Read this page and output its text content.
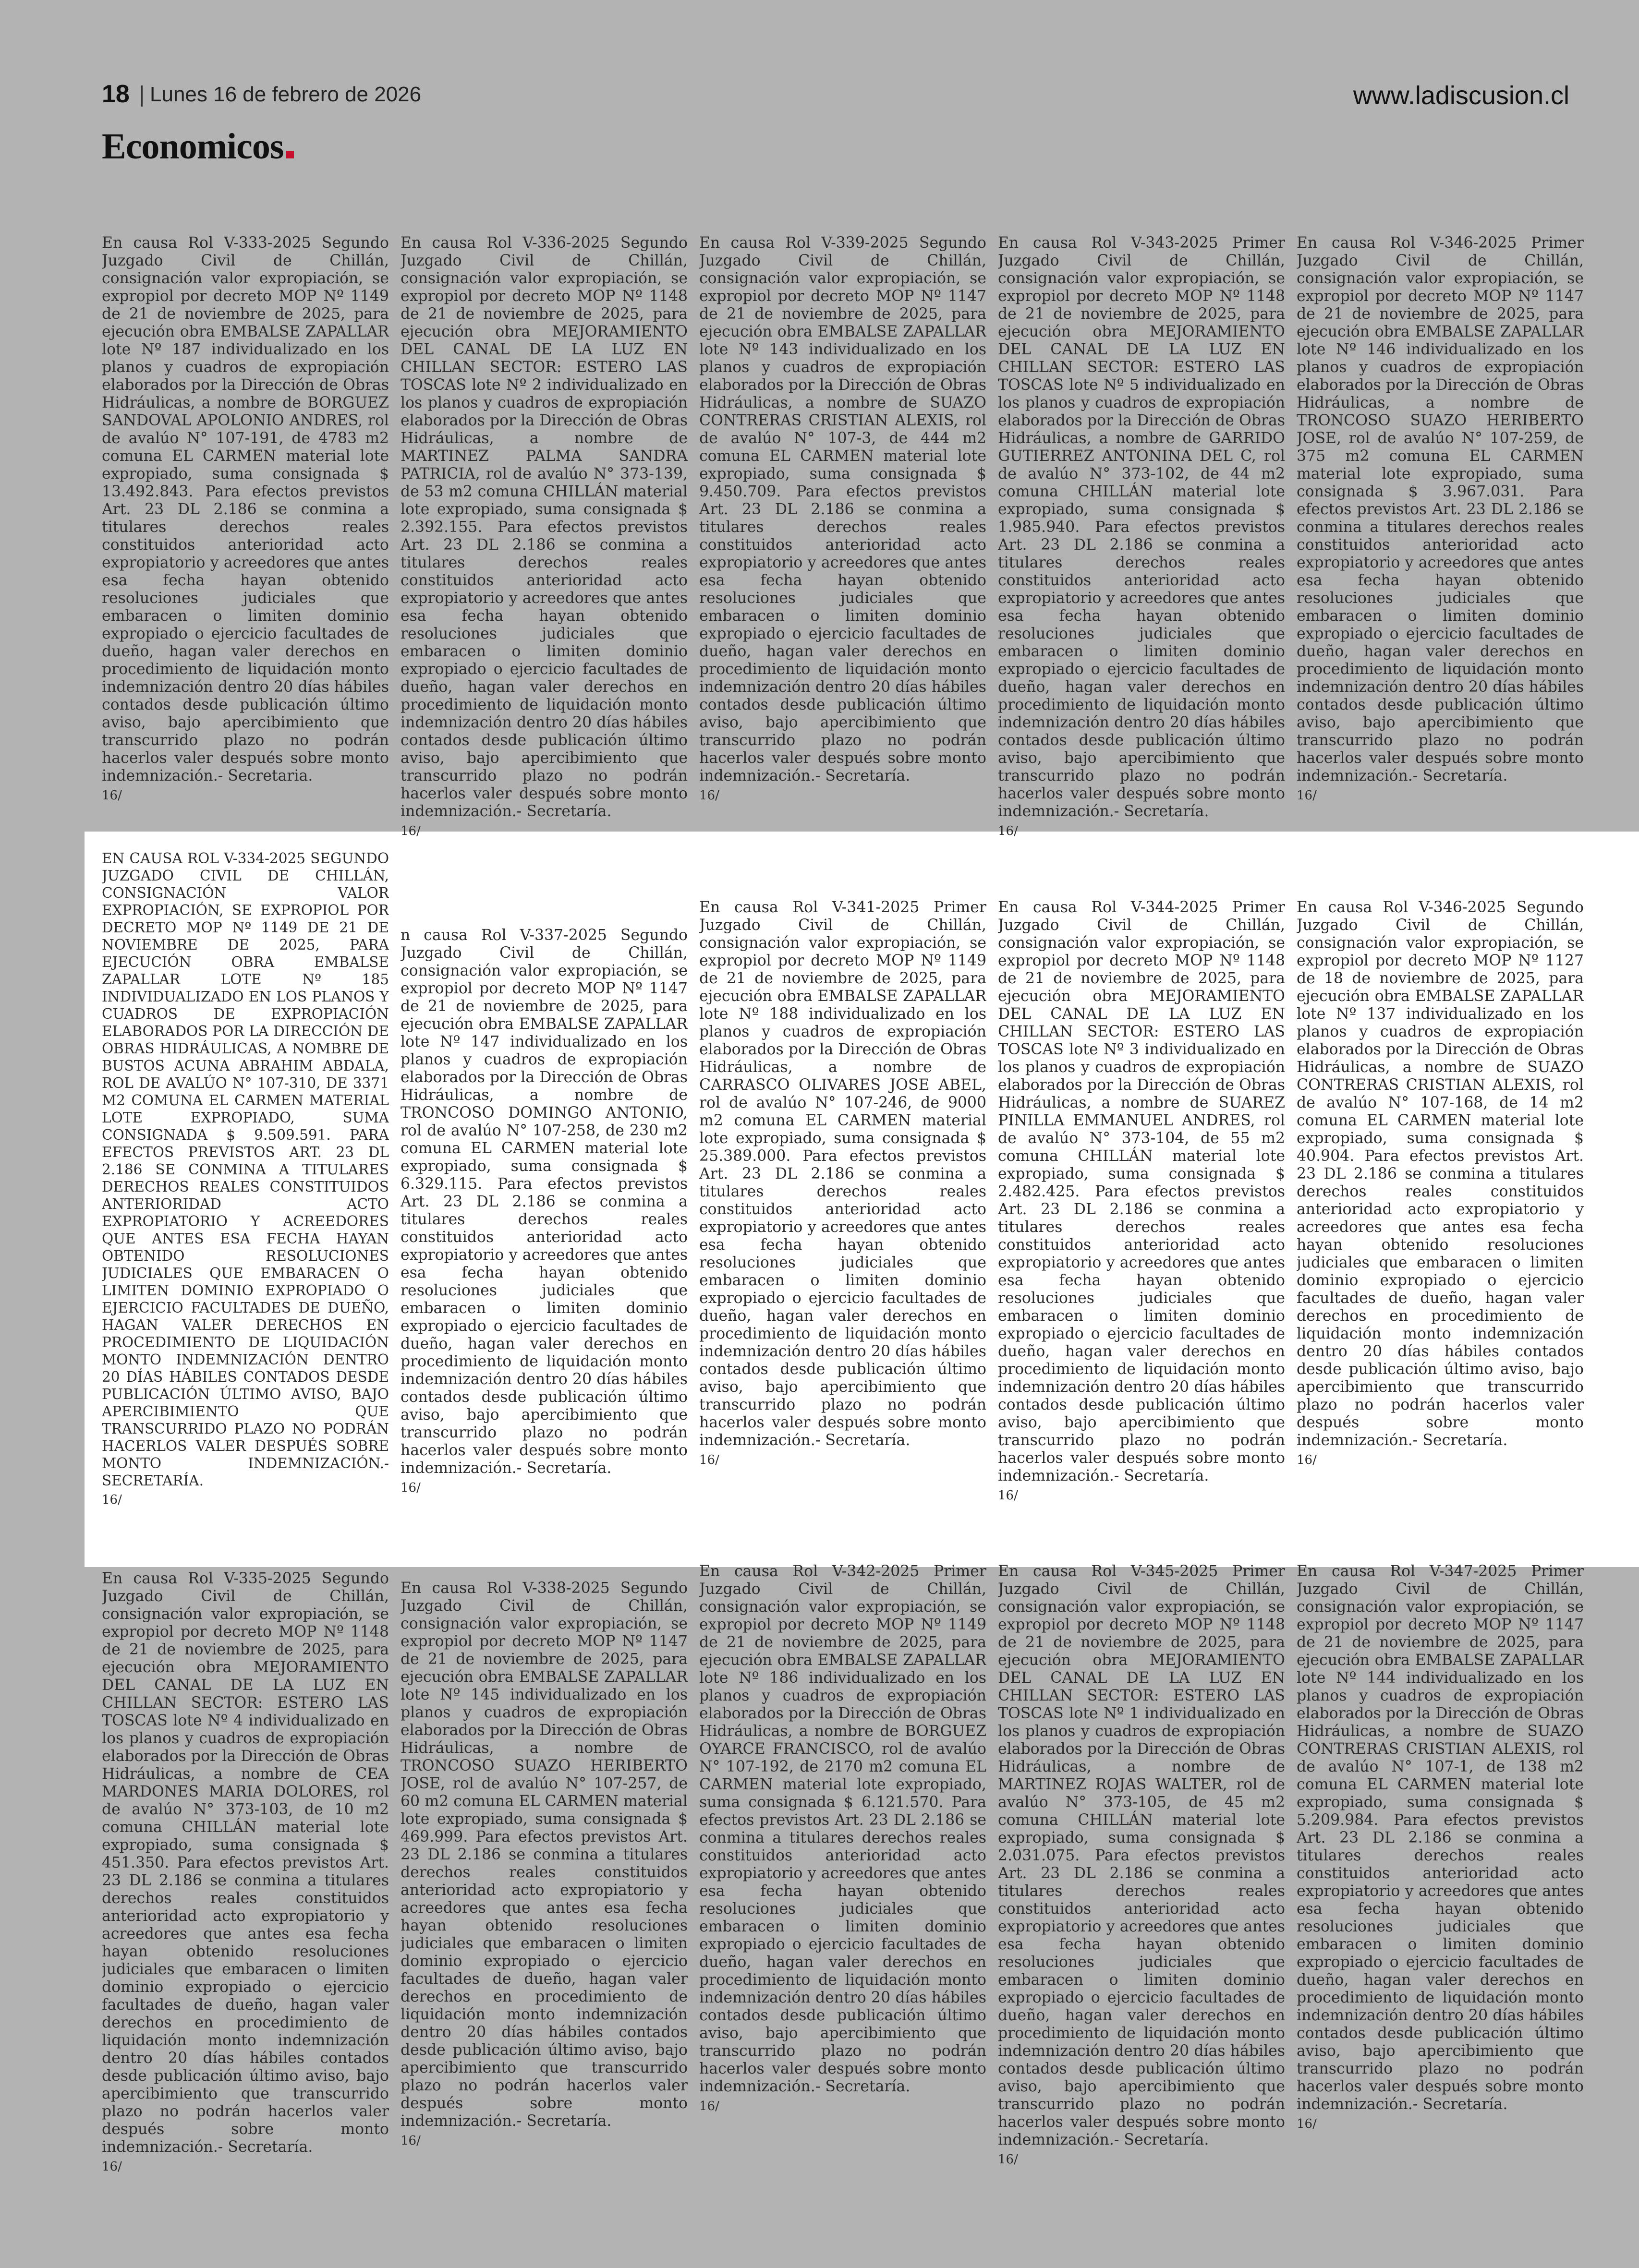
18 Lunes 16 de febrero de 2026	www.ladiscusion.cl
Economicos
En causa Rol V-333-2025 Segundo Juzgado Civil de Chillán, consignación valor expropiación, se expropiol por decreto MOP Nº 1149 de 21 de noviembre de 2025, para ejecución obra EMBALSE ZAPALLAR lote Nº 187 individualizado en los planos y cuadros de expropiación elaborados por la Dirección de Obras Hidráulicas, a nombre de BORGUEZ SANDOVAL APOLONIO ANDRES, rol de avalúo N° 107-191, de 4783 m2 comuna EL CARMEN material lote expropiado, suma consignada $ 13.492.843. Para efectos previstos Art. 23 DL 2.186 se conmina a titulares derechos reales constituidos anterioridad acto expropiatorio y acreedores que antes esa fecha hayan obtenido resoluciones judiciales que embaracen o limiten dominio expropiado o ejercicio facultades de dueño, hagan valer derechos en procedimiento de liquidación monto indemnización dentro 20 días hábiles contados desde publicación último aviso, bajo apercibimiento que transcurrido plazo no podrán hacerlos valer después sobre monto indemnización.- Secretaria.
16/
En causa Rol V-336-2025 Segundo Juzgado Civil de Chillán, consignación valor expropiación, se expropiol por decreto MOP Nº 1148 de 21 de noviembre de 2025, para ejecución obra MEJORAMIENTO DEL CANAL DE LA LUZ EN CHILLAN SECTOR: ESTERO LAS TOSCAS lote Nº 2 individualizado en los planos y cuadros de expropiación elaborados por la Dirección de Obras Hidráulicas, a nombre de MARTINEZ PALMA SANDRA PATRICIA, rol de avalúo N° 373-139, de 53 m2 comuna CHILLÁN material lote expropiado, suma consignada $ 2.392.155. Para efectos previstos Art. 23 DL 2.186 se conmina a titulares derechos reales constituidos anterioridad acto expropiatorio y acreedores que antes esa fecha hayan obtenido resoluciones judiciales que embaracen o limiten dominio expropiado o ejercicio facultades de dueño, hagan valer derechos en procedimiento de liquidación monto indemnización dentro 20 días hábiles contados desde publicación último aviso, bajo apercibimiento que transcurrido plazo no podrán hacerlos valer después sobre monto indemnización.- Secretaría.
16/
En causa Rol V-339-2025 Segundo Juzgado Civil de Chillán, consignación valor expropiación, se expropiol por decreto MOP Nº 1147 de 21 de noviembre de 2025, para ejecución obra EMBALSE ZAPALLAR lote Nº 143 individualizado en los planos y cuadros de expropiación elaborados por la Dirección de Obras Hidráulicas, a nombre de SUAZO CONTRERAS CRISTIAN ALEXIS, rol de avalúo N° 107-3, de 444 m2 comuna EL CARMEN material lote expropiado, suma consignada $ 9.450.709. Para efectos previstos Art. 23 DL 2.186 se conmina a titulares derechos reales constituidos anterioridad acto expropiatorio y acreedores que antes esa fecha hayan obtenido resoluciones judiciales que embaracen o limiten dominio expropiado o ejercicio facultades de dueño, hagan valer derechos en procedimiento de liquidación monto indemnización dentro 20 días hábiles contados desde publicación último aviso, bajo apercibimiento que transcurrido plazo no podrán hacerlos valer después sobre monto indemnización.- Secretaría.
16/
En causa Rol V-343-2025 Primer Juzgado Civil de Chillán, consignación valor expropiación, se expropiol por decreto MOP Nº 1148 de 21 de noviembre de 2025, para ejecución obra MEJORAMIENTO DEL CANAL DE LA LUZ EN CHILLAN SECTOR: ESTERO LAS TOSCAS lote Nº 5 individualizado en los planos y cuadros de expropiación elaborados por la Dirección de Obras Hidráulicas, a nombre de GARRIDO GUTIERREZ ANTONINA DEL C, rol de avalúo N° 373-102, de 44 m2 comuna CHILLÁN material lote expropiado, suma consignada $ 1.985.940. Para efectos previstos Art. 23 DL 2.186 se conmina a titulares derechos reales constituidos anterioridad acto expropiatorio y acreedores que antes esa fecha hayan obtenido resoluciones judiciales que embaracen o limiten dominio expropiado o ejercicio facultades de dueño, hagan valer derechos en procedimiento de liquidación monto indemnización dentro 20 días hábiles contados desde publicación último aviso, bajo apercibimiento que transcurrido plazo no podrán hacerlos valer después sobre monto indemnización.- Secretaría.
16/
En causa Rol V-346-2025 Primer Juzgado Civil de Chillán, consignación valor expropiación, se expropiol por decreto MOP Nº 1147 de 21 de noviembre de 2025, para ejecución obra EMBALSE ZAPALLAR lote Nº 146 individualizado en los planos y cuadros de expropiación elaborados por la Dirección de Obras Hidráulicas, a nombre de TRONCOSO SUAZO HERIBERTO JOSE, rol de avalúo N° 107-259, de 375 m2 comuna EL CARMEN material lote expropiado, suma consignada $ 3.967.031. Para efectos previstos Art. 23 DL 2.186 se conmina a titulares derechos reales constituidos anterioridad acto expropiatorio y acreedores que antes esa fecha hayan obtenido resoluciones judiciales que embaracen o limiten dominio expropiado o ejercicio facultades de dueño, hagan valer derechos en procedimiento de liquidación monto indemnización dentro 20 días hábiles contados desde publicación último aviso, bajo apercibimiento que transcurrido plazo no podrán hacerlos valer después sobre monto indemnización.- Secretaría.
16/
EN CAUSA ROL V-334-2025 SEGUNDO JUZGADO CIVIL DE CHILLÁN, CONSIGNACIÓN VALOR EXPROPIACIÓN, SE EXPROPIOL POR DECRETO MOP Nº 1149 DE 21 DE NOVIEMBRE DE 2025, PARA EJECUCIÓN OBRA EMBALSE ZAPALLAR LOTE Nº 185 INDIVIDUALIZADO EN LOS PLANOS Y CUADROS DE EXPROPIACIÓN ELABORADOS POR LA DIRECCIÓN DE OBRAS HIDRÁULICAS, A NOMBRE DE BUSTOS ACUNA ABRAHIM ABDALA, ROL DE AVALÚO N° 107-310, DE 3371 M2 COMUNA EL CARMEN MATERIAL LOTE EXPROPIADO, SUMA CONSIGNADA $ 9.509.591. PARA EFECTOS PREVISTOS ART. 23 DL 2.186 SE CONMINA A TITULARES DERECHOS REALES CONSTITUIDOS ANTERIORIDAD ACTO EXPROPIATORIO Y ACREEDORES QUE ANTES ESA FECHA HAYAN OBTENIDO RESOLUCIONES JUDICIALES QUE EMBARACEN O LIMITEN DOMINIO EXPROPIADO O EJERCICIO FACULTADES DE DUEÑO, HAGAN VALER DERECHOS EN PROCEDIMIENTO DE LIQUIDACIÓN MONTO INDEMNIZACIÓN DENTRO 20 DÍAS HÁBILES CONTADOS DESDE PUBLICACIÓN ÚLTIMO AVISO, BAJO APERCIBIMIENTO QUE TRANSCURRIDO PLAZO NO PODRÁN HACERLOS VALER DESPUÉS SOBRE MONTO INDEMNIZACIÓN.- SECRETARÍA.
16/
n causa Rol V-337-2025 Segundo Juzgado Civil de Chillán, consignación valor expropiación, se expropiol por decreto MOP Nº 1147 de 21 de noviembre de 2025, para ejecución obra EMBALSE ZAPALLAR lote Nº 147 individualizado en los planos y cuadros de expropiación elaborados por la Dirección de Obras Hidráulicas, a nombre de TRONCOSO DOMINGO ANTONIO, rol de avalúo N° 107-258, de 230 m2 comuna EL CARMEN material lote expropiado, suma consignada $ 6.329.115. Para efectos previstos Art. 23 DL 2.186 se conmina a titulares derechos reales constituidos anterioridad acto expropiatorio y acreedores que antes esa fecha hayan obtenido resoluciones judiciales que embaracen o limiten dominio expropiado o ejercicio facultades de dueño, hagan valer derechos en procedimiento de liquidación monto indemnización dentro 20 días hábiles contados desde publicación último aviso, bajo apercibimiento que transcurrido plazo no podrán hacerlos valer después sobre monto indemnización.- Secretaría.
16/
En causa Rol V-341-2025 Primer Juzgado Civil de Chillán, consignación valor expropiación, se expropiol por decreto MOP Nº 1149 de 21 de noviembre de 2025, para ejecución obra EMBALSE ZAPALLAR lote Nº 188 individualizado en los planos y cuadros de expropiación elaborados por la Dirección de Obras Hidráulicas, a nombre de CARRASCO OLIVARES JOSE ABEL, rol de avalúo N° 107-246, de 9000 m2 comuna EL CARMEN material lote expropiado, suma consignada $ 25.389.000. Para efectos previstos Art. 23 DL 2.186 se conmina a titulares derechos reales constituidos anterioridad acto expropiatorio y acreedores que antes esa fecha hayan obtenido resoluciones judiciales que embaracen o limiten dominio expropiado o ejercicio facultades de dueño, hagan valer derechos en procedimiento de liquidación monto indemnización dentro 20 días hábiles contados desde publicación último aviso, bajo apercibimiento que transcurrido plazo no podrán hacerlos valer después sobre monto indemnización.- Secretaría.
16/
En causa Rol V-344-2025 Primer Juzgado Civil de Chillán, consignación valor expropiación, se expropiol por decreto MOP Nº 1148 de 21 de noviembre de 2025, para ejecución obra MEJORAMIENTO DEL CANAL DE LA LUZ EN CHILLAN SECTOR: ESTERO LAS TOSCAS lote Nº 3 individualizado en los planos y cuadros de expropiación elaborados por la Dirección de Obras Hidráulicas, a nombre de SUAREZ PINILLA EMMANUEL ANDRES, rol de avalúo N° 373-104, de 55 m2 comuna CHILLÁN material lote expropiado, suma consignada $ 2.482.425. Para efectos previstos Art. 23 DL 2.186 se conmina a titulares derechos reales constituidos anterioridad acto expropiatorio y acreedores que antes esa fecha hayan obtenido resoluciones judiciales que embaracen o limiten dominio expropiado o ejercicio facultades de dueño, hagan valer derechos en procedimiento de liquidación monto indemnización dentro 20 días hábiles contados desde publicación último aviso, bajo apercibimiento que transcurrido plazo no podrán hacerlos valer después sobre monto indemnización.- Secretaría.
16/
En causa Rol V-346-2025 Segundo Juzgado Civil de Chillán, consignación valor expropiación, se expropiol por decreto MOP Nº 1127 de 18 de noviembre de 2025, para ejecución obra EMBALSE ZAPALLAR lote Nº 137 individualizado en los planos y cuadros de expropiación elaborados por la Dirección de Obras Hidráulicas, a nombre de SUAZO CONTRERAS CRISTIAN ALEXIS, rol de avalúo N° 107-168, de 14 m2 comuna EL CARMEN material lote expropiado, suma consignada $ 40.904. Para efectos previstos Art. 23 DL 2.186 se conmina a titulares derechos reales constituidos anterioridad acto expropiatorio y acreedores que antes esa fecha hayan obtenido resoluciones judiciales que embaracen o limiten dominio expropiado o ejercicio facultades de dueño, hagan valer derechos en procedimiento de liquidación monto indemnización dentro 20 días hábiles contados desde publicación último aviso, bajo apercibimiento que transcurrido plazo no podrán hacerlos valer después sobre monto indemnización.- Secretaría.
16/
En causa Rol V-335-2025 Segundo Juzgado Civil de Chillán, consignación valor expropiación, se expropiol por decreto MOP Nº 1148 de 21 de noviembre de 2025, para ejecución obra MEJORAMIENTO DEL CANAL DE LA LUZ EN CHILLAN SECTOR: ESTERO LAS TOSCAS lote Nº 4 individualizado en los planos y cuadros de expropiación elaborados por la Dirección de Obras Hidráulicas, a nombre de CEA MARDONES MARIA DOLORES, rol de avalúo N° 373-103, de 10 m2 comuna CHILLÁN material lote expropiado, suma consignada $ 451.350. Para efectos previstos Art. 23 DL 2.186 se conmina a titulares derechos reales constituidos anterioridad acto expropiatorio y acreedores que antes esa fecha hayan obtenido resoluciones judiciales que embaracen o limiten dominio expropiado o ejercicio facultades de dueño, hagan valer derechos en procedimiento de liquidación monto indemnización dentro 20 días hábiles contados desde publicación último aviso, bajo apercibimiento que transcurrido plazo no podrán hacerlos valer después sobre monto indemnización.- Secretaría.
16/
En causa Rol V-338-2025 Segundo Juzgado Civil de Chillán, consignación valor expropiación, se expropiol por decreto MOP Nº 1147 de 21 de noviembre de 2025, para ejecución obra EMBALSE ZAPALLAR lote Nº 145 individualizado en los planos y cuadros de expropiación elaborados por la Dirección de Obras Hidráulicas, a nombre de TRONCOSO SUAZO HERIBERTO JOSE, rol de avalúo N° 107-257, de 60 m2 comuna EL CARMEN material lote expropiado, suma consignada $ 469.999. Para efectos previstos Art. 23 DL 2.186 se conmina a titulares derechos reales constituidos anterioridad acto expropiatorio y acreedores que antes esa fecha hayan obtenido resoluciones judiciales que embaracen o limiten dominio expropiado o ejercicio facultades de dueño, hagan valer derechos en procedimiento de liquidación monto indemnización dentro 20 días hábiles contados desde publicación último aviso, bajo apercibimiento que transcurrido plazo no podrán hacerlos valer después sobre monto indemnización.- Secretaría.
16/
En causa Rol V-342-2025 Primer Juzgado Civil de Chillán, consignación valor expropiación, se expropiol por decreto MOP Nº 1149 de 21 de noviembre de 2025, para ejecución obra EMBALSE ZAPALLAR lote Nº 186 individualizado en los planos y cuadros de expropiación elaborados por la Dirección de Obras Hidráulicas, a nombre de BORGUEZ OYARCE FRANCISCO, rol de avalúo N° 107-192, de 2170 m2 comuna EL CARMEN material lote expropiado, suma consignada $ 6.121.570. Para efectos previstos Art. 23 DL 2.186 se conmina a titulares derechos reales constituidos anterioridad acto expropiatorio y acreedores que antes esa fecha hayan obtenido resoluciones judiciales que embaracen o limiten dominio expropiado o ejercicio facultades de dueño, hagan valer derechos en procedimiento de liquidación monto indemnización dentro 20 días hábiles contados desde publicación último aviso, bajo apercibimiento que transcurrido plazo no podrán hacerlos valer después sobre monto indemnización.- Secretaría.
16/
En causa Rol V-345-2025 Primer Juzgado Civil de Chillán, consignación valor expropiación, se expropiol por decreto MOP Nº 1148 de 21 de noviembre de 2025, para ejecución obra MEJORAMIENTO DEL CANAL DE LA LUZ EN CHILLAN SECTOR: ESTERO LAS TOSCAS lote Nº 1 individualizado en los planos y cuadros de expropiación elaborados por la Dirección de Obras Hidráulicas, a nombre de MARTINEZ ROJAS WALTER, rol de avalúo N° 373-105, de 45 m2 comuna CHILLÁN material lote expropiado, suma consignada $ 2.031.075. Para efectos previstos Art. 23 DL 2.186 se conmina a titulares derechos reales constituidos anterioridad acto expropiatorio y acreedores que antes esa fecha hayan obtenido resoluciones judiciales que embaracen o limiten dominio expropiado o ejercicio facultades de dueño, hagan valer derechos en procedimiento de liquidación monto indemnización dentro 20 días hábiles contados desde publicación último aviso, bajo apercibimiento que transcurrido plazo no podrán hacerlos valer después sobre monto indemnización.- Secretaría.
16/
En causa Rol V-347-2025 Primer Juzgado Civil de Chillán, consignación valor expropiación, se expropiol por decreto MOP Nº 1147 de 21 de noviembre de 2025, para ejecución obra EMBALSE ZAPALLAR lote Nº 144 individualizado en los planos y cuadros de expropiación elaborados por la Dirección de Obras Hidráulicas, a nombre de SUAZO CONTRERAS CRISTIAN ALEXIS, rol de avalúo N° 107-1, de 138 m2 comuna EL CARMEN material lote expropiado, suma consignada $ 5.209.984. Para efectos previstos Art. 23 DL 2.186 se conmina a titulares derechos reales constituidos anterioridad acto expropiatorio y acreedores que antes esa fecha hayan obtenido resoluciones judiciales que embaracen o limiten dominio expropiado o ejercicio facultades de dueño, hagan valer derechos en procedimiento de liquidación monto indemnización dentro 20 días hábiles contados desde publicación último aviso, bajo apercibimiento que transcurrido plazo no podrán hacerlos valer después sobre monto indemnización.- Secretaría.
16/
